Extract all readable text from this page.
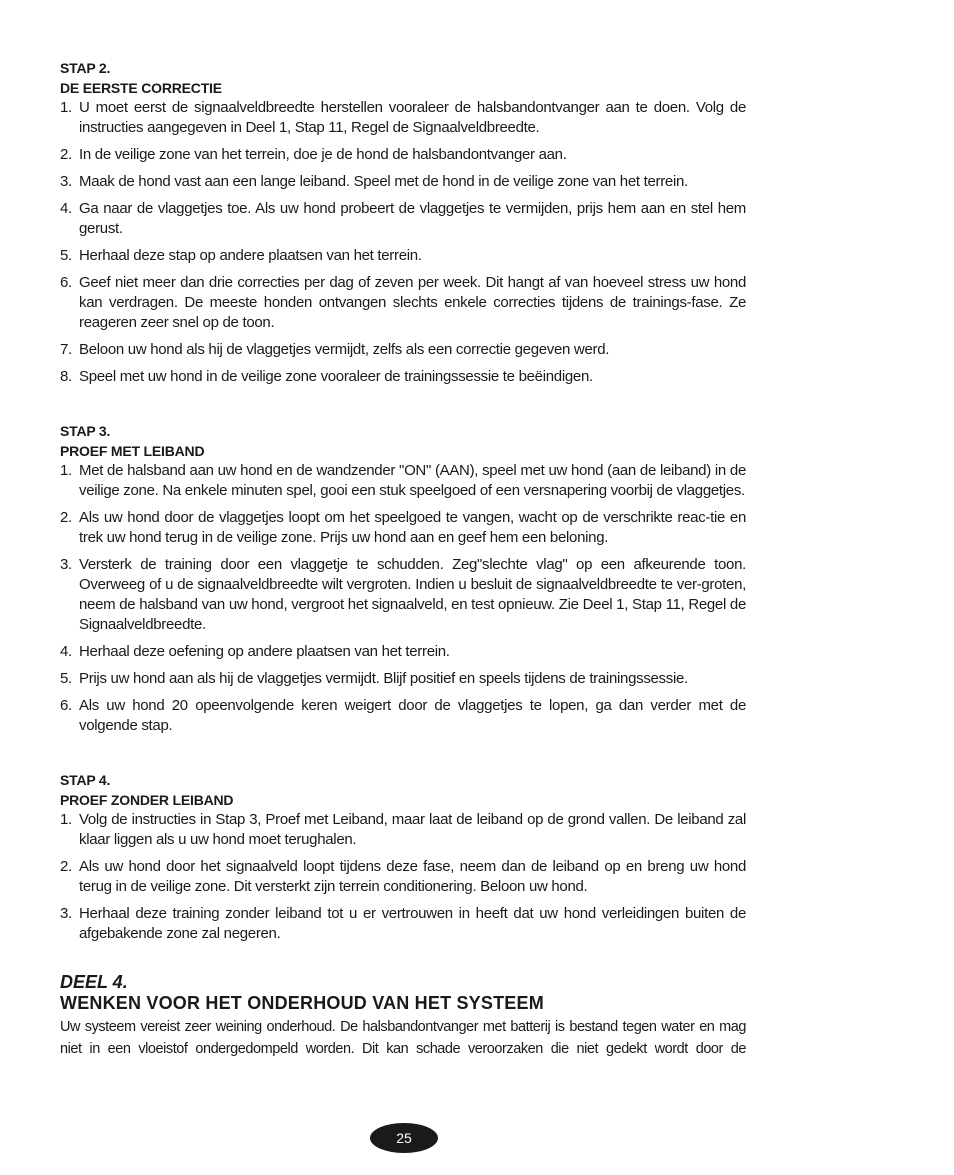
STAP 2.
DE EERSTE CORRECTIE
1. U moet eerst de signaalveldbreedte herstellen vooraleer de halsbandontvanger aan te doen. Volg de instructies aangegeven in Deel 1, Stap 11, Regel de Signaalveldbreedte.
2. In de veilige zone van het terrein, doe je de hond de halsbandontvanger aan.
3. Maak de hond vast aan een lange leiband. Speel met de hond in de veilige zone van het terrein.
4. Ga naar de vlaggetjes toe. Als uw hond probeert de vlaggetjes te vermijden, prijs hem aan en stel hem gerust.
5. Herhaal deze stap op andere plaatsen van het terrein.
6. Geef niet meer dan drie correcties per dag of zeven per week. Dit hangt af van hoeveel stress uw hond kan verdragen. De meeste honden ontvangen slechts enkele correcties tijdens de trainings-fase. Ze reageren zeer snel op de toon.
7. Beloon uw hond als hij de vlaggetjes vermijdt, zelfs als een correctie gegeven werd.
8. Speel met uw hond in de veilige zone vooraleer de trainingssessie te beëindigen.
STAP 3.
PROEF MET LEIBAND
1. Met de halsband aan uw hond en de wandzender "ON" (AAN), speel met uw hond (aan de leiband) in de veilige zone. Na enkele minuten spel, gooi een stuk speelgoed of een versnapering voorbij de vlaggetjes.
2. Als uw hond door de vlaggetjes loopt om het speelgoed te vangen, wacht op de verschrikte reac-tie en trek uw hond terug in de veilige zone. Prijs uw hond aan en geef hem een beloning.
3. Versterk de training door een vlaggetje te schudden. Zeg"slechte vlag" op een afkeurende toon. Overweeg of u de signaalveldbreedte wilt vergroten. Indien u besluit de signaalveldbreedte te ver-groten, neem de halsband van uw hond, vergroot het signaalveld, en test opnieuw. Zie Deel 1, Stap 11, Regel de Signaalveldbreedte.
4. Herhaal deze oefening op andere plaatsen van het terrein.
5. Prijs uw hond aan als hij de vlaggetjes vermijdt. Blijf positief en speels tijdens de trainingssessie.
6. Als uw hond 20 opeenvolgende keren weigert door de vlaggetjes te lopen, ga dan verder met de volgende stap.
STAP 4.
PROEF ZONDER LEIBAND
1. Volg de instructies in Stap 3, Proef met Leiband, maar laat de leiband op de grond vallen. De leiband zal klaar liggen als u uw hond moet terughalen.
2. Als uw hond door het signaalveld loopt tijdens deze fase, neem dan de leiband op en breng uw hond terug in de veilige zone. Dit versterkt zijn terrein conditionering. Beloon uw hond.
3. Herhaal deze training zonder leiband tot u er vertrouwen in heeft dat uw hond verleidingen buiten de afgebakende zone zal negeren.
DEEL 4.
WENKEN VOOR HET ONDERHOUD VAN HET SYSTEEM
Uw systeem vereist zeer weining onderhoud. De halsbandontvanger met batterij is bestand tegen water en mag niet in een vloeistof ondergedompeld worden. Dit kan schade veroorzaken die niet gedekt wordt door de
25
